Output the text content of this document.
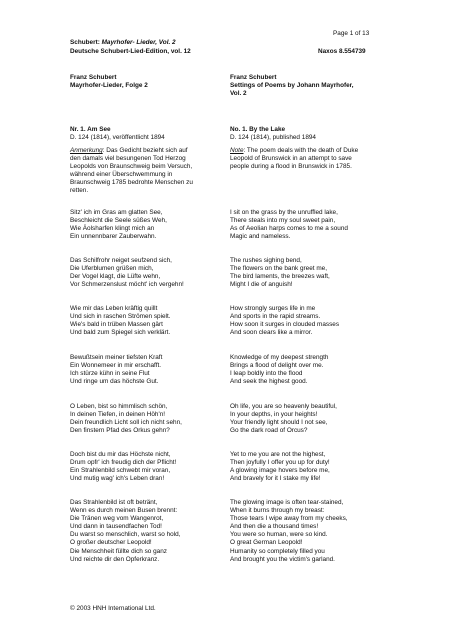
Page 1 of 13
Schubert: Mayrhofer- Lieder, Vol. 2
Deutsche Schubert-Lied-Edition, vol. 12	Naxos 8.554739
Franz Schubert
Mayrhofer-Lieder, Folge 2
Franz Schubert
Settings of Poems by Johann Mayrhofer,
Vol. 2
Nr. 1. Am See
D. 124 (1814), veröffentlicht 1894
No. 1. By the Lake
D. 124 (1814), published 1894
Anmerkung: Das Gedicht bezieht sich auf
den damals viel besungenen Tod Herzog
Leopolds von Braunschweig beim Versuch,
während einer Überschwemmung in
Braunschweig 1785 bedrohte Menschen zu
retten.
Note: The poem deals with the death of Duke
Leopold of Brunswick in an attempt to save
people during a flood in Brunswick in 1785.
Sitz' ich im Gras am glatten See,
Beschleicht die Seele süßes Weh,
Wie Äolsharfen klingt mich an
Ein unnennbarer Zauberwahn.
Das Schilfrohr neiget seufzend sich,
Die Uferblumen grüßen mich,
Der Vogel klagt, die Lüfte wehn,
Vor Schmerzenslust möcht' ich vergehn!
Wie mir das Leben kräftig quillt
Und sich in raschen Strömen spielt.
Wie's bald in trüben Massen gärt
Und bald zum Spiegel sich verklärt.
Bewußtsein meiner tiefsten Kraft
Ein Wonnemeer in mir erschafft.
Ich stürze kühn in seine Flut
Und ringe um das höchste Gut.
O Leben, bist so himmlisch schön,
In deinen Tiefen, in deinen Höh'n!
Dein freundlich Licht soll ich nicht sehn,
Den finstern Pfad des Orkus gehn?
Doch bist du mir das Höchste nicht,
Drum opfr' ich freudig dich der Pflicht!
Ein Strahlenbild schwebt mir voran,
Und mutig wag' ich's Leben dran!
Das Strahlenbild ist oft betränt,
Wenn es durch meinen Busen brennt:
Die Tränen weg vom Wangenrot,
Und dann in tausendfachen Tod!
Du warst so menschlich, warst so hold,
O großer deutscher Leopold!
Die Menschheit füllte dich so ganz
Und reichte dir den Opferkranz.
I sit on the grass by the unruffled lake,
There steals into my soul sweet pain,
As of Aeolian harps comes to me a sound
Magic and nameless.
The rushes sighing bend,
The flowers on the bank greet me,
The bird laments, the breezes waft,
Might I die of anguish!
How strongly surges life in me
And sports in the rapid streams.
How soon it surges in clouded masses
And soon clears like a mirror.
Knowledge of my deepest strength
Brings a flood of delight over me.
I leap boldly into the flood
And seek the highest good.
Oh life, you are so heavenly beautiful,
In your depths, in your heights!
Your friendly light should I not see,
Go the dark road of Orcus?
Yet to me you are not the highest,
Then joyfully I offer you up for duty!
A glowing image hovers before me,
And bravely for it I stake my life!
The glowing image is often tear-stained,
When it burns through my breast:
Those tears I wipe away from my cheeks,
And then die a thousand times!
You were so human, were so kind.
O great German Leopold!
Humanity so completely filled you
And brought you the victim's garland.
© 2003 HNH International Ltd.
